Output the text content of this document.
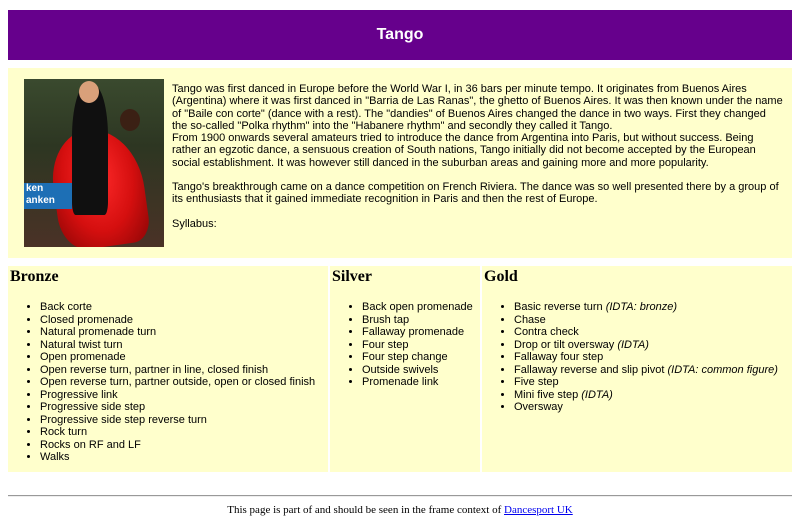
Tango
ken
anken

Tango was first danced in Europe before the World War I, in 36 bars per minute tempo. It originates from Buenos Aires (Argentina) where it was first danced in "Barria de Las Ranas", the ghetto of Buenos Aires. It was then known under the name of "Baile con corte" (dance with a rest). The "dandies" of Buenos Aires changed the dance in two ways. First they changed the so-called "Polka rhythm" into the "Habanere rhythm" and secondly they called it Tango.

From 1900 onwards several amateurs tried to introduce the dance from Argentina into Paris, but without success. Being rather an egzotic dance, a sensuous creation of South nations, Tango initially did not become accepted by the European social establishment. It was however still danced in the suburban areas and gaining more and more popularity.

Tango's breakthrough came on a dance competition on French Riviera. The dance was so well presented there by a group of its enthusiasts that it gained immediate recognition in Paris and then the rest of Europe.

Syllabus:

Bronze
• Back corte
• Closed promenade
• Natural promenade turn
• Natural twist turn
• Open promenade
• Open reverse turn, partner in line, closed finish
• Open reverse turn, partner outside, open or closed finish
• Progressive link
• Progressive side step
• Progressive side step reverse turn
• Rock turn
• Rocks on RF and LF
• Walks
Silver
• Back open promenade
• Brush tap
• Fallaway promenade
• Four step
• Four step change
• Outside swivels
• Promenade link
Gold
• Basic reverse turn (IDTA: bronze)
• Chase
• Contra check
• Drop or tilt oversway (IDTA)
• Fallaway four step
• Fallaway reverse and slip pivot (IDTA: common figure)
• Five step
• Mini five step (IDTA)
• Oversway
This page is part of and should be seen in the frame context of Dancesport UK
